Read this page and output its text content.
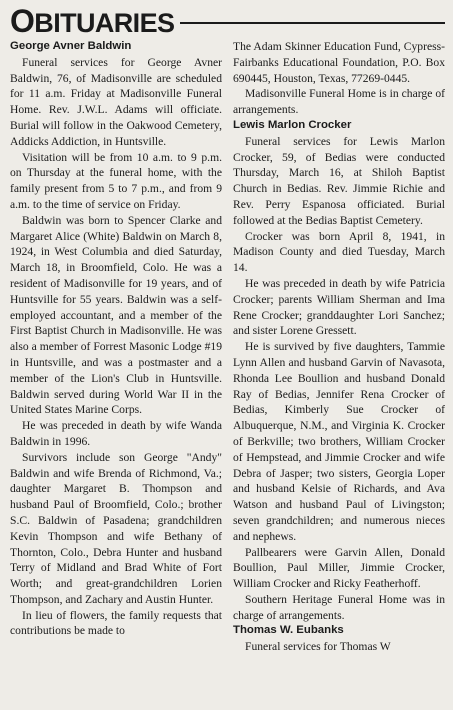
OBITUARIES

George Avner Baldwin

Funeral services for George Avner Baldwin, 76, of Madisonville are scheduled for 11 a.m. Friday at Madisonville Funeral Home. Rev. J.W.L. Adams will officiate. Burial will follow in the Oakwood Cemetery, Addicks Addiction, in Huntsville.

Visitation will be from 10 a.m. to 9 p.m. on Thursday at the funeral home, with the family present from 5 to 7 p.m., and from 9 a.m. to the time of service on Friday.

Baldwin was born to Spencer Clarke and Margaret Alice (White) Baldwin on March 8, 1924, in West Columbia and died Saturday, March 18, in Broomfield, Colo. He was a resident of Madisonville for 19 years, and of Huntsville for 55 years. Baldwin was a self-employed accountant, and a member of the First Baptist Church in Madisonville. He was also a member of Forrest Masonic Lodge #19 in Huntsville, and was a postmaster and a member of the Lion's Club in Huntsville. Baldwin served during World War II in the United States Marine Corps.

He was preceded in death by wife Wanda Baldwin in 1996.

Survivors include son George "Andy" Baldwin and wife Brenda of Richmond, Va.; daughter Margaret B. Thompson and husband Paul of Broomfield, Colo.; brother S.C. Baldwin of Pasadena; grandchildren Kevin Thompson and wife Bethany of Thornton, Colo., Debra Hunter and husband Terry of Midland and Brad White of Fort Worth; and great-grandchildren Lorien Thompson, and Zachary and Austin Hunter.

In lieu of flowers, the family requests that contributions be made to

The Adam Skinner Education Fund, Cypress-Fairbanks Educational Foundation, P.O. Box 690445, Houston, Texas, 77269-0445.

Madisonville Funeral Home is in charge of arrangements.

Lewis Marlon Crocker

Funeral services for Lewis Marlon Crocker, 59, of Bedias were conducted Thursday, March 16, at Shiloh Baptist Church in Bedias. Rev. Jimmie Richie and Rev. Perry Espanosa officiated. Burial followed at the Bedias Baptist Cemetery.

Crocker was born April 8, 1941, in Madison County and died Tuesday, March 14.

He was preceded in death by wife Patricia Crocker; parents William Sherman and Ima Rene Crocker; granddaughter Lori Sanchez; and sister Lorene Gressett.

He is survived by five daughters, Tammie Lynn Allen and husband Garvin of Navasota, Rhonda Lee Boullion and husband Donald Ray of Bedias, Jennifer Rena Crocker of Bedias, Kimberly Sue Crocker of Albuquerque, N.M., and Virginia K. Crocker of Berkville; two brothers, William Crocker of Hempstead, and Jimmie Crocker and wife Debra of Jasper; two sisters, Georgia Loper and husband Kelsie of Richards, and Ava Watson and husband Paul of Livingston; seven grandchildren; and numerous nieces and nephews.

Pallbearers were Garvin Allen, Donald Boullion, Paul Miller, Jimmie Crocker, William Crocker and Ricky Featherhoff.

Southern Heritage Funeral Home was in charge of arrangements.

Thomas W. Eubanks

Funeral services for Thomas W
